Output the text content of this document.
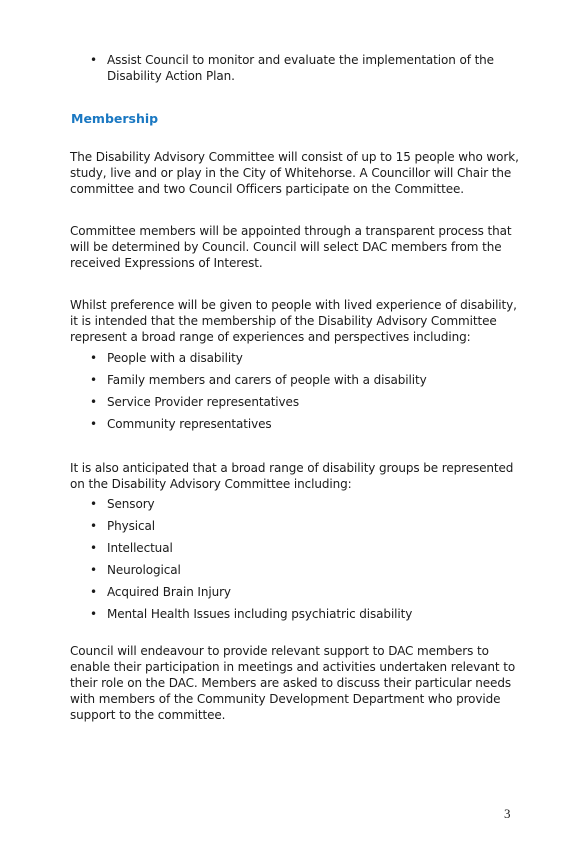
• Assist Council to monitor and evaluate the implementation of the Disability Action Plan.
Membership
The Disability Advisory Committee will consist of up to 15 people who work, study, live and or play in the City of Whitehorse. A Councillor will Chair the committee and two Council Officers participate on the Committee.
Committee members will be appointed through a transparent process that will be determined by Council. Council will select DAC members from the received Expressions of Interest.
Whilst preference will be given to people with lived experience of disability, it is intended that the membership of the Disability Advisory Committee represent a broad range of experiences and perspectives including:
• People with a disability
• Family members and carers of people with a disability
• Service Provider representatives
• Community representatives
It is also anticipated that a broad range of disability groups be represented on the Disability Advisory Committee including:
• Sensory
• Physical
• Intellectual
• Neurological
• Acquired Brain Injury
• Mental Health Issues including psychiatric disability
Council will endeavour to provide relevant support to DAC members to enable their participation in meetings and activities undertaken relevant to their role on the DAC. Members are asked to discuss their particular needs with members of the Community Development Department who provide support to the committee.
3
